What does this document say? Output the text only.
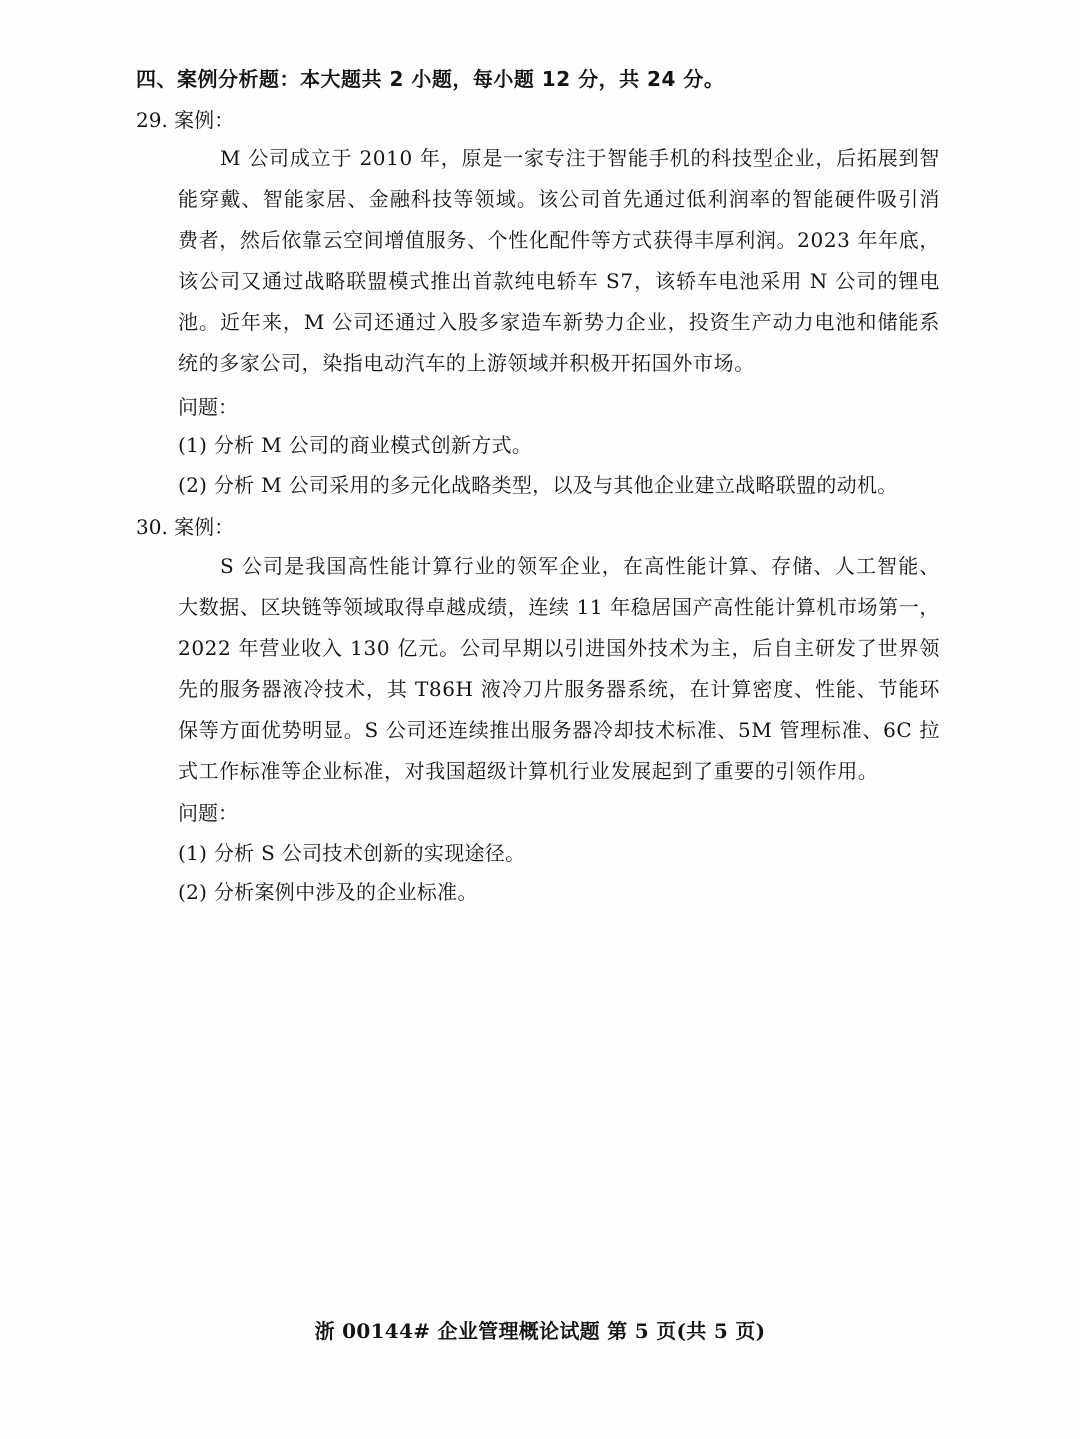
四、案例分析题：本大题共 2 小题，每小题 12 分，共 24 分。
29. 案例：
M 公司成立于 2010 年，原是一家专注于智能手机的科技型企业，后拓展到智能穿戴、智能家居、金融科技等领域。该公司首先通过低利润率的智能硬件吸引消费者，然后依靠云空间增值服务、个性化配件等方式获得丰厚利润。2023 年年底，该公司又通过战略联盟模式推出首款纯电轿车 S7，该轿车电池采用 N 公司的锂电池。近年来，M 公司还通过入股多家造车新势力企业，投资生产动力电池和储能系统的多家公司，染指电动汽车的上游领域并积极开拓国外市场。
问题：
(1) 分析 M 公司的商业模式创新方式。
(2) 分析 M 公司采用的多元化战略类型，以及与其他企业建立战略联盟的动机。
30. 案例：
S 公司是我国高性能计算行业的领军企业，在高性能计算、存储、人工智能、大数据、区块链等领域取得卓越成绩，连续 11 年稳居国产高性能计算机市场第一，2022 年营业收入 130 亿元。公司早期以引进国外技术为主，后自主研发了世界领先的服务器液冷技术，其 T86H 液冷刀片服务器系统，在计算密度、性能、节能环保等方面优势明显。S 公司还连续推出服务器冷却技术标准、5M 管理标准、6C 拉式工作标准等企业标准，对我国超级计算机行业发展起到了重要的引领作用。
问题：
(1) 分析 S 公司技术创新的实现途径。
(2) 分析案例中涉及的企业标准。
浙 00144# 企业管理概论试题 第 5 页(共 5 页)
